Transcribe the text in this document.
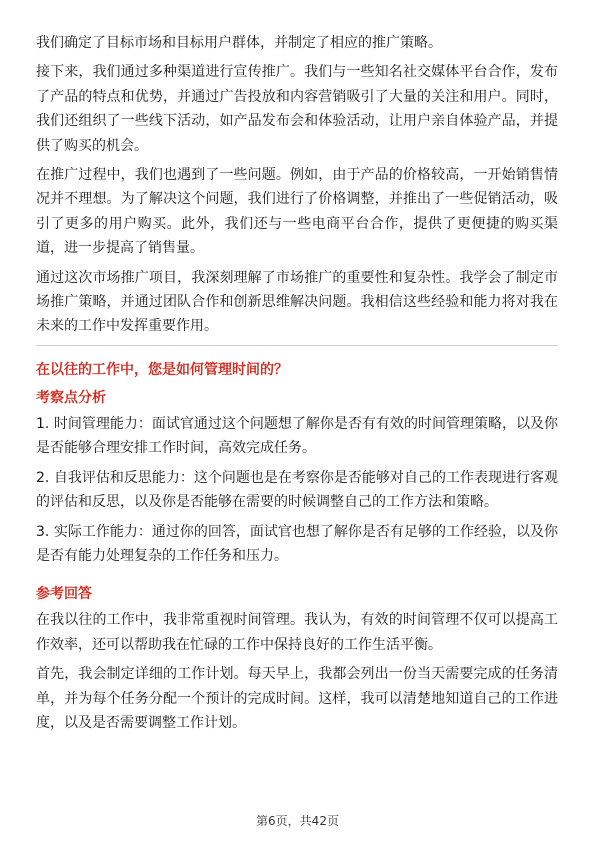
我们确定了目标市场和目标用户群体，并制定了相应的推广策略。

接下来，我们通过多种渠道进行宣传推广。我们与一些知名社交媒体平台合作，发布了产品的特点和优势，并通过广告投放和内容营销吸引了大量的关注和用户。同时，我们还组织了一些线下活动，如产品发布会和体验活动，让用户亲自体验产品，并提供了购买的机会。

在推广过程中，我们也遇到了一些问题。例如，由于产品的价格较高，一开始销售情况并不理想。为了解决这个问题，我们进行了价格调整，并推出了一些促销活动，吸引了更多的用户购买。此外，我们还与一些电商平台合作，提供了更便捷的购买渠道，进一步提高了销售量。

通过这次市场推广项目，我深刻理解了市场推广的重要性和复杂性。我学会了制定市场推广策略，并通过团队合作和创新思维解决问题。我相信这些经验和能力将对我在未来的工作中发挥重要作用。

在以往的工作中，您是如何管理时间的？
考察点分析

1. 时间管理能力：面试官通过这个问题想了解你是否有有效的时间管理策略，以及你是否能够合理安排工作时间，高效完成任务。

2. 自我评估和反思能力：这个问题也是在考察你是否能够对自己的工作表现进行客观的评估和反思，以及你是否能够在需要的时候调整自己的工作方法和策略。

3. 实际工作能力：通过你的回答，面试官也想了解你是否有足够的工作经验，以及你是否有能力处理复杂的工作任务和压力。

参考回答

在我以往的工作中，我非常重视时间管理。我认为，有效的时间管理不仅可以提高工作效率，还可以帮助我在忙碌的工作中保持良好的工作生活平衡。

首先，我会制定详细的工作计划。每天早上，我都会列出一份当天需要完成的任务清单，并为每个任务分配一个预计的完成时间。这样，我可以清楚地知道自己的工作进度，以及是否需要调整工作计划。

第6页，共42页
